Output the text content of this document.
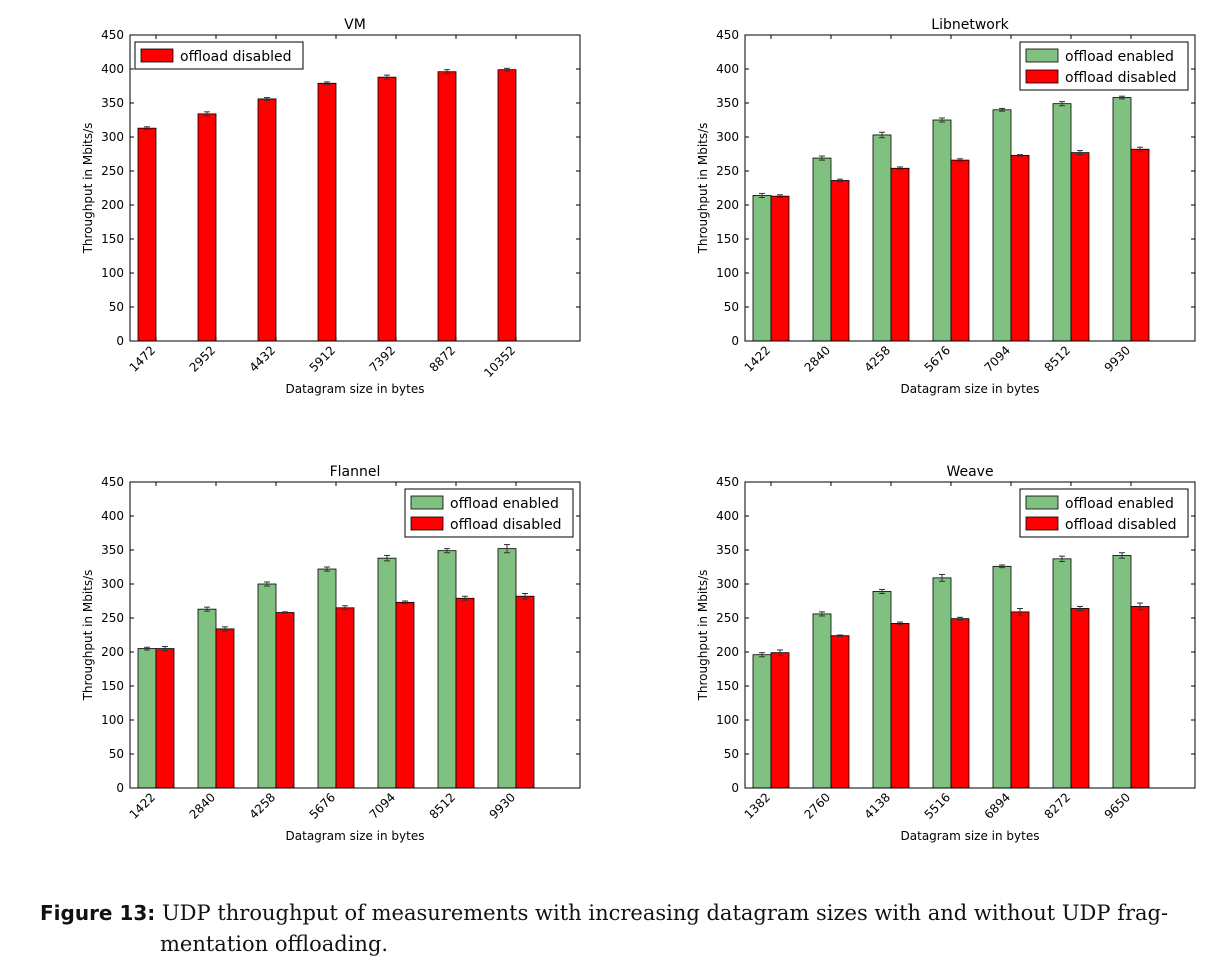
VM
0
50
100
150
200
250
300
350
400
450
1472 2952 4432 5912 7392 8872 10352
Datagram size in bytes
Throughput in Mbits/s
offload disabled
Libnetwork
0
50
100
150
200
250
300
350
400
450
1422 2840 4258 5676 7094 8512 9930
Datagram size in bytes
Throughput in Mbits/s
offload enabled
offload disabled
Flannel
0
50
100
150
200
250
300
350
400
450
1422 2840 4258 5676 7094 8512 9930
Datagram size in bytes
Throughput in Mbits/s
offload enabled
offload disabled
Weave
0
50
100
150
200
250
300
350
400
450
1382 2760 4138 5516 6894 8272 9650
Datagram size in bytes
Throughput in Mbits/s
offload enabled
offload disabled
Figure 13: UDP throughput of measurements with increasing datagram sizes with and without UDP frag-
mentation offloading.
